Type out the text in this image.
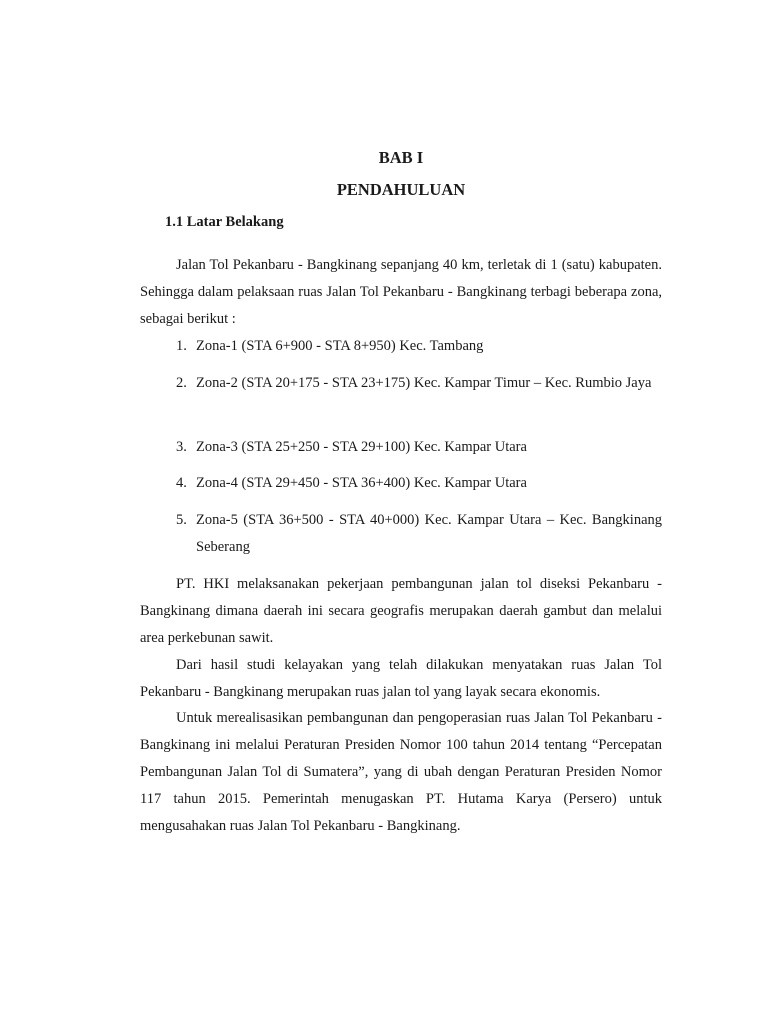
BAB I
PENDAHULUAN
1.1 Latar Belakang

Jalan Tol Pekanbaru - Bangkinang sepanjang 40 km, terletak di 1 (satu) kabupaten. Sehingga dalam pelaksaan ruas Jalan Tol Pekanbaru - Bangkinang terbagi beberapa zona, sebagai berikut :

1. Zona-1 (STA 6+900 - STA 8+950) Kec. Tambang
2. Zona-2 (STA 20+175 - STA 23+175) Kec. Kampar Timur – Kec. Rumbio Jaya
3. Zona-3 (STA 25+250 - STA 29+100) Kec. Kampar Utara
4. Zona-4 (STA 29+450 - STA 36+400) Kec. Kampar Utara
5. Zona-5 (STA 36+500 - STA 40+000) Kec. Kampar Utara – Kec. Bangkinang Seberang

PT. HKI melaksanakan pekerjaan pembangunan jalan tol diseksi Pekanbaru - Bangkinang dimana daerah ini secara geografis merupakan daerah gambut dan melalui area perkebunan sawit.

Dari hasil studi kelayakan yang telah dilakukan menyatakan ruas Jalan Tol Pekanbaru - Bangkinang merupakan ruas jalan tol yang layak secara ekonomis.

Untuk merealisasikan pembangunan dan pengoperasian ruas Jalan Tol Pekanbaru - Bangkinang ini melalui Peraturan Presiden Nomor 100 tahun 2014 tentang “Percepatan Pembangunan Jalan Tol di Sumatera”, yang di ubah dengan Peraturan Presiden Nomor 117 tahun 2015. Pemerintah menugaskan PT. Hutama Karya (Persero) untuk mengusahakan ruas Jalan Tol Pekanbaru - Bangkinang.
